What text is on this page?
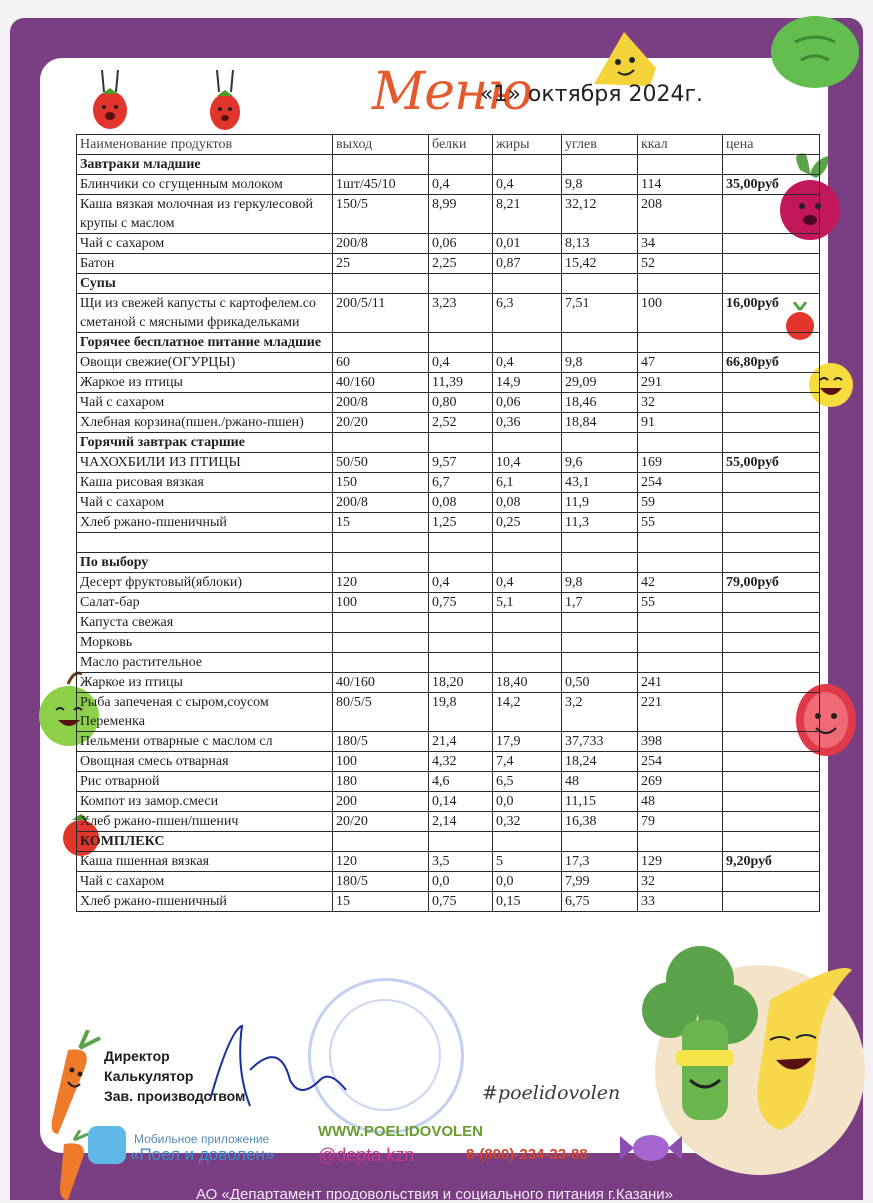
Меню
«1» октября 2024г.
Наименование продуктов	выход	белки	жиры	углев	ккал	цена
Завтраки младшие						
Блинчики со сгущенным молоком	1шт/45/10	0,4	0,4	9,8	114	35,00руб
Каша вязкая молочная из геркулесовой крупы с маслом	150/5	8,99	8,21	32,12	208	
Чай с сахаром	200/8	0,06	0,01	8,13	34	
Батон	25	2,25	0,87	15,42	52	
Супы						
Щи из свежей капусты с картофелем.со сметаной с мясными фрикадельками	200/5/11	3,23	6,3	7,51	100	16,00руб
Горячее бесплатное питание младшие						
Овощи свежие(ОГУРЦЫ)	60	0,4	0,4	9,8	47	66,80руб
Жаркое из птицы	40/160	11,39	14,9	29,09	291	
Чай с сахаром	200/8	0,80	0,06	18,46	32	
Хлебная корзина(пшен./ржано-пшен)	20/20	2,52	0,36	18,84	91	
Горячий завтрак старшие						
ЧАХОХБИЛИ ИЗ ПТИЦЫ	50/50	9,57	10,4	9,6	169	55,00руб
Каша рисовая вязкая	150	6,7	6,1	43,1	254	
Чай с сахаром	200/8	0,08	0,08	11,9	59	
Хлеб ржано-пшеничный	15	1,25	0,25	11,3	55	

По выбору						
Десерт фруктовый(яблоки)	120	0,4	0,4	9,8	42	79,00руб
Салат-бар	100	0,75	5,1	1,7	55	
Капуста свежая						
Морковь						
Масло растительное						
Жаркое из птицы	40/160	18,20	18,40	0,50	241	
Рыба запеченая с сыром,соусом Переменка	80/5/5	19,8	14,2	3,2	221	
Пельмени отварные с маслом сл	180/5	21,4	17,9	37,733	398	
Овощная смесь отварная	100	4,32	7,4	18,24	254	
Рис отварной	180	4,6	6,5	48	269	
Компот из замор.смеси	200	0,14	0,0	11,15	48	
Хлеб ржано-пшен/пшенич	20/20	2,14	0,32	16,38	79	
КОМПЛЕКС						
Каша пшенная вязкая	120	3,5	5	17,3	129	9,20руб
Чай с сахаром	180/5	0,0	0,0	7,99	32	
Хлеб ржано-пшеничный	15	0,75	0,15	6,75	33	
Директор
Калькулятор
Зав. производством	#poelidovolen
Мобильное приложение
«Поел и доволен»
WWW.POELIDOVOLEN
@depta.kzn	8-(800)-234-33-88
АО «Департамент продовольствия и социального питания г.Казани»
